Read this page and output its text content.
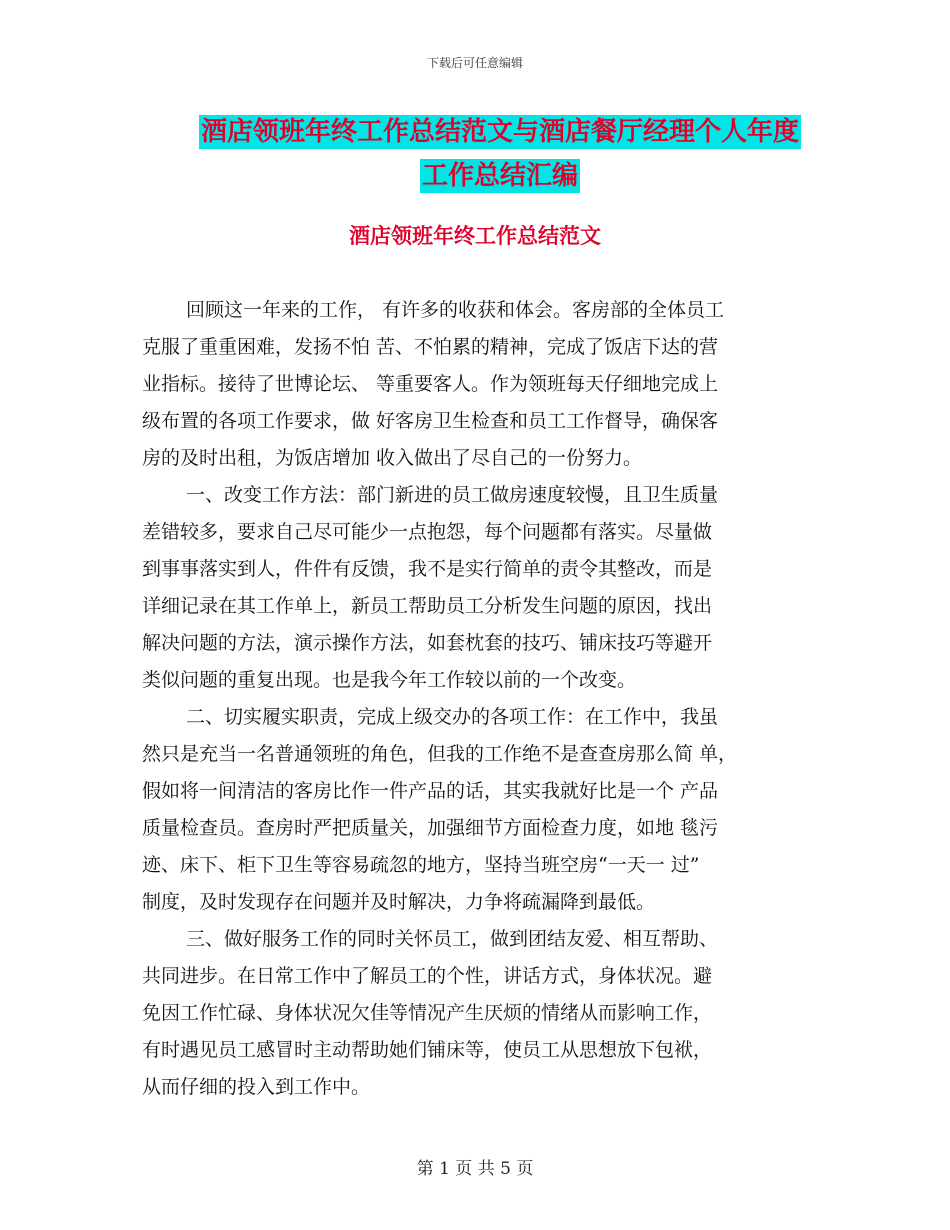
下载后可任意编辑
酒店领班年终工作总结范文与酒店餐厅经理个人年度
工作总结汇编
酒店领班年终工作总结范文
回顾这一年来的工作， 有许多的收获和体会。客房部的全体员工
克服了重重困难，发扬不怕 苦、不怕累的精神，完成了饭店下达的营
业指标。接待了世博论坛、 等重要客人。作为领班每天仔细地完成上
级布置的各项工作要求，做 好客房卫生检查和员工工作督导，确保客
房的及时出租，为饭店增加 收入做出了尽自己的一份努力。
一、改变工作方法：部门新进的员工做房速度较慢，且卫生质量
差错较多，要求自己尽可能少一点抱怨，每个问题都有落实。尽量做
到事事落实到人，件件有反馈，我不是实行简单的责令其整改，而是
详细记录在其工作单上，新员工帮助员工分析发生问题的原因，找出
解决问题的方法，演示操作方法，如套枕套的技巧、铺床技巧等避开
类似问题的重复出现。也是我今年工作较以前的一个改变。
二、切实履实职责，完成上级交办的各项工作：在工作中，我虽
然只是充当一名普通领班的角色，但我的工作绝不是查查房那么简 单，
假如将一间清洁的客房比作一件产品的话，其实我就好比是一个 产品
质量检查员。查房时严把质量关，加强细节方面检查力度，如地 毯污
迹、床下、柜下卫生等容易疏忽的地方，坚持当班空房“一天一 过”
制度，及时发现存在问题并及时解决，力争将疏漏降到最低。
三、做好服务工作的同时关怀员工，做到团结友爱、相互帮助、
共同进步。在日常工作中了解员工的个性，讲话方式，身体状况。避
免因工作忙碌、身体状况欠佳等情况产生厌烦的情绪从而影响工作，
有时遇见员工感冒时主动帮助她们铺床等，使员工从思想放下包袱，
从而仔细的投入到工作中。
第 1 页 共 5 页
